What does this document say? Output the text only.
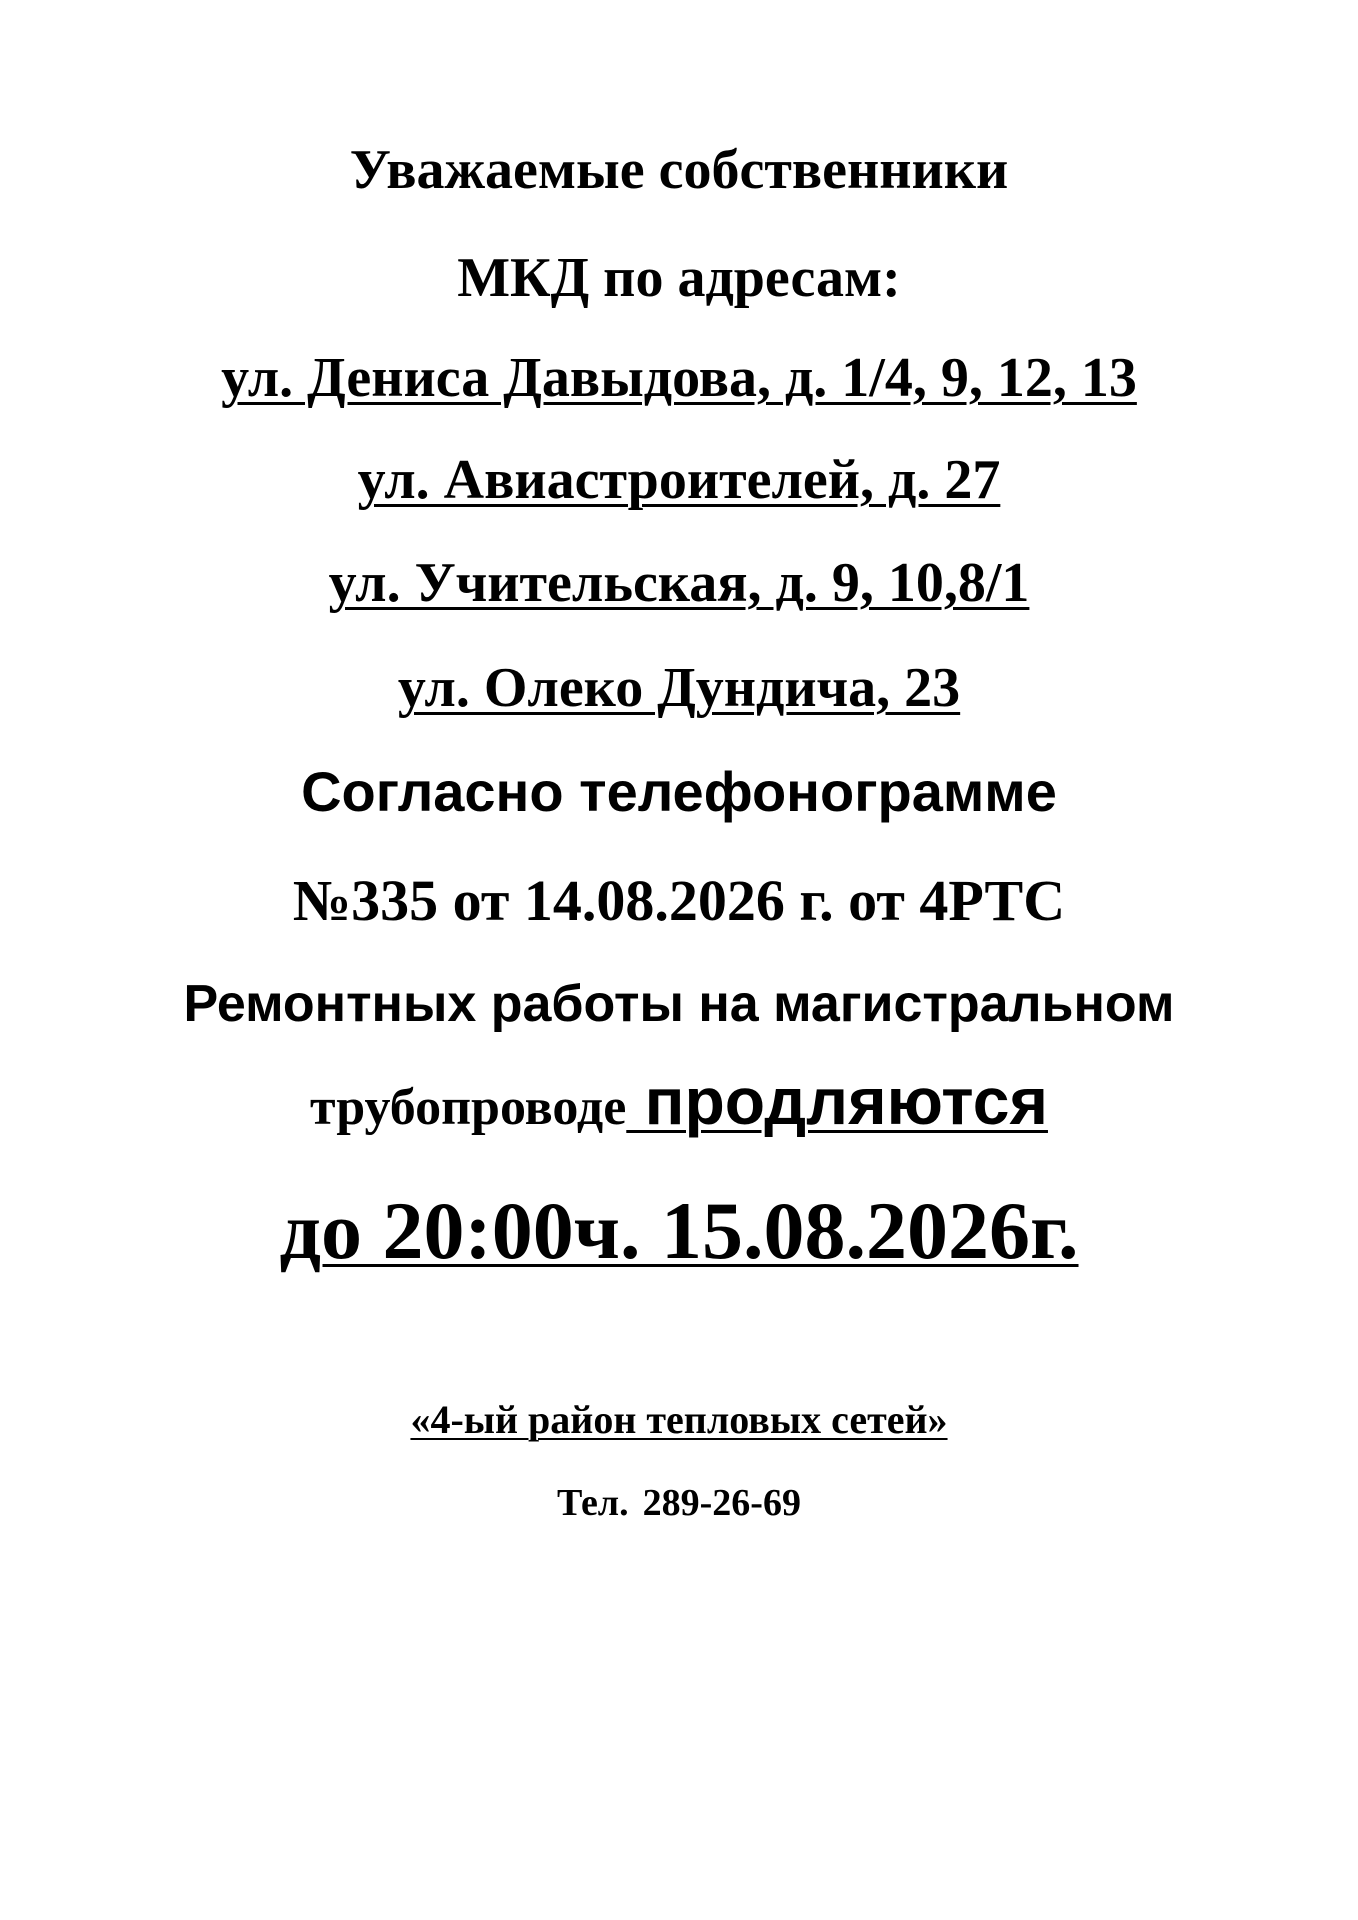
Уважаемые собственники
МКД по адресам:
ул. Дениса Давыдова, д. 1/4, 9, 12, 13
ул. Авиастроителей, д. 27
ул. Учительская, д. 9, 10,8/1
ул. Олеко Дундича, 23
Согласно телефонограмме
№335 от 14.08.2026 г. от 4РТС
Ремонтных работы на магистральном
трубопроводе продляются
до 20:00ч. 15.08.2026г.
«4-ый район тепловых сетей»
Тел. 289-26-69
